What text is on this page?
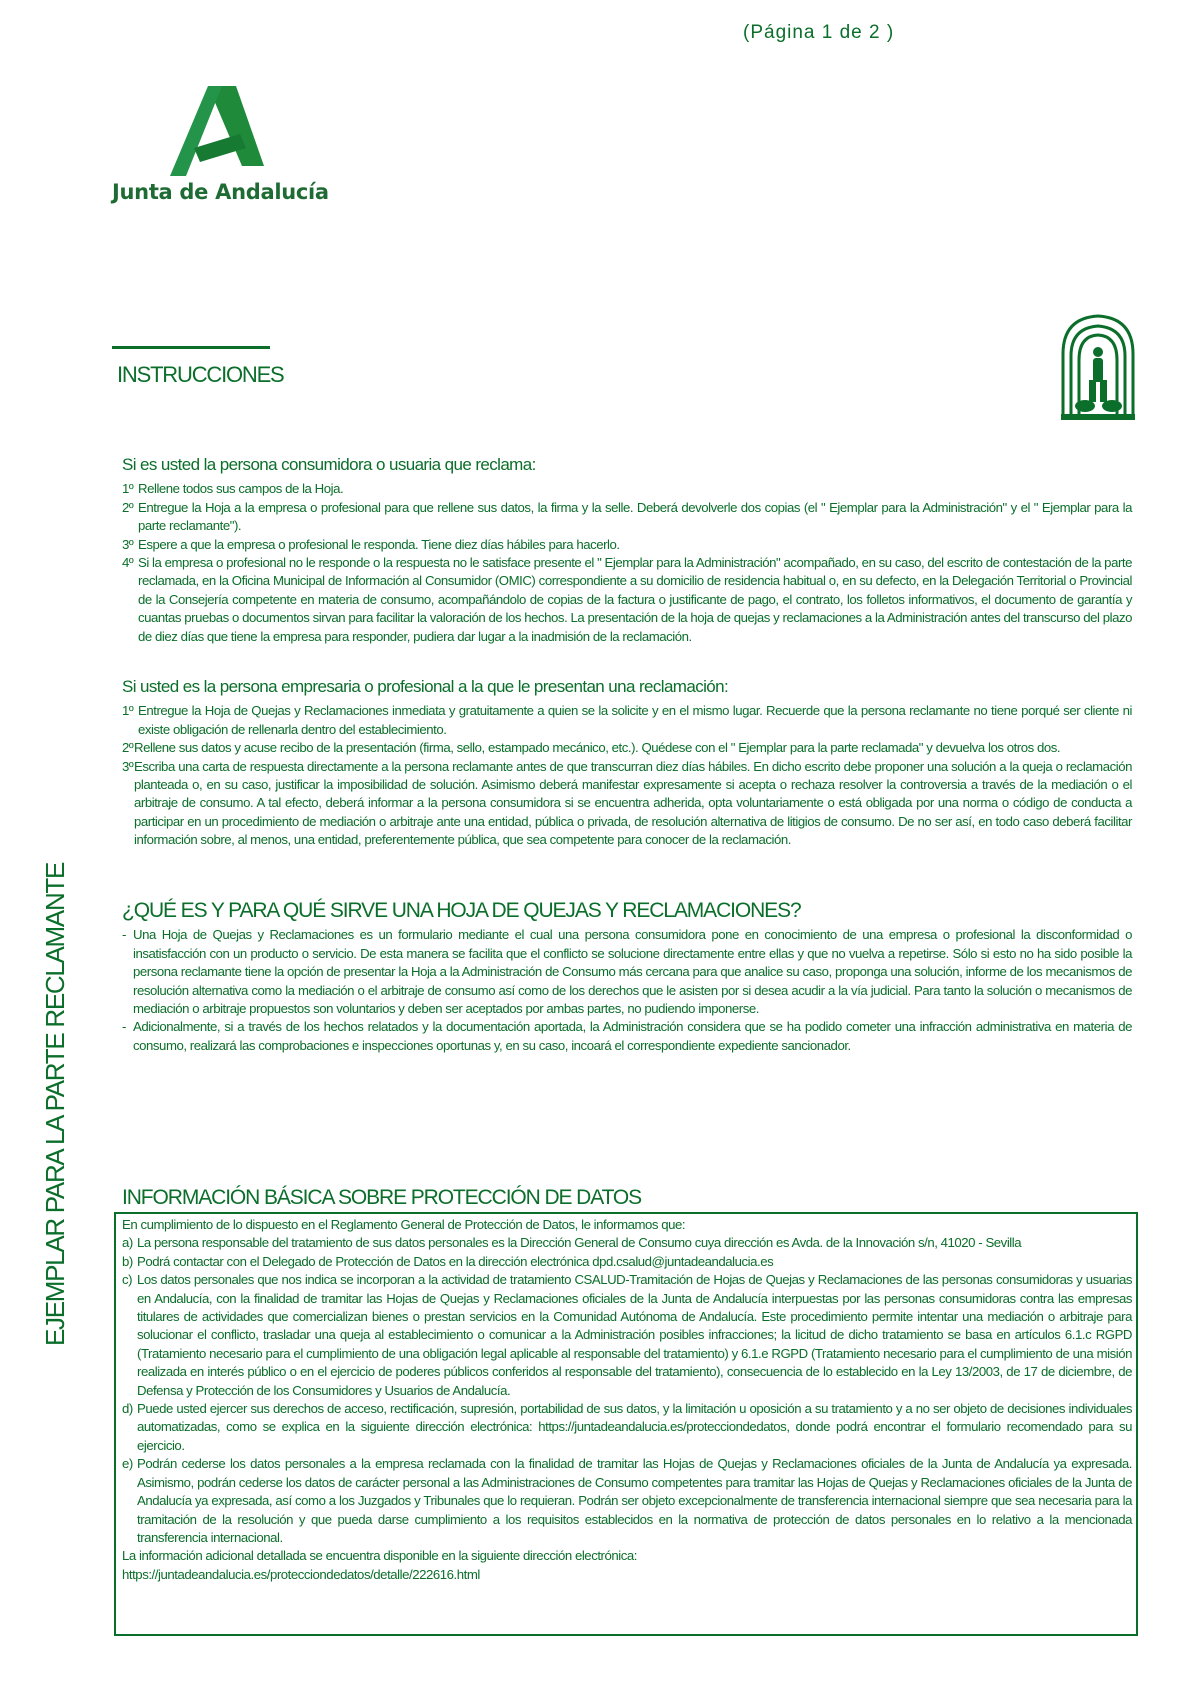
(Página 1 de 2 )
Junta de Andalucía
INSTRUCCIONES
EJEMPLAR PARA LA PARTE RECLAMANTE
Si es usted la persona consumidora o usuaria que reclama:
1º Rellene todos sus campos de la Hoja.
2º Entregue la Hoja a la empresa o profesional para que rellene sus datos, la firma y la selle. Deberá devolverle dos copias (el " Ejemplar para la Administración" y el " Ejemplar para la parte reclamante").
3º Espere a que la empresa o profesional le responda. Tiene diez días hábiles para hacerlo.
4º Si la empresa o profesional no le responde o la respuesta no le satisface presente el " Ejemplar para la Administración" acompañado, en su caso, del escrito de contestación de la parte reclamada, en la Oficina Municipal de Información al Consumidor (OMIC) correspondiente a su domicilio de residencia habitual o, en su defecto, en la Delegación Territorial o Provincial de la Consejería competente en materia de consumo, acompañándolo de copias de la factura o justificante de pago, el contrato, los folletos informativos, el documento de garantía y cuantas pruebas o documentos sirvan para facilitar la valoración de los hechos. La presentación de la hoja de quejas y reclamaciones a la Administración antes del transcurso del plazo de diez días que tiene la empresa para responder, pudiera dar lugar a la inadmisión de la reclamación.
Si usted es la persona empresaria o profesional a la que le presentan una reclamación:
1º Entregue la Hoja de Quejas y Reclamaciones inmediata y gratuitamente a quien se la solicite y en el mismo lugar. Recuerde que la persona reclamante no tiene porqué ser cliente ni existe obligación de rellenarla dentro del establecimiento.
2º Rellene sus datos y acuse recibo de la presentación (firma, sello, estampado mecánico, etc.). Quédese con el " Ejemplar para la parte reclamada" y devuelva los otros dos.
3º Escriba una carta de respuesta directamente a la persona reclamante antes de que transcurran diez días hábiles. En dicho escrito debe proponer una solución a la queja o reclamación planteada o, en su caso, justificar la imposibilidad de solución. Asimismo deberá manifestar expresamente si acepta o rechaza resolver la controversia a través de la mediación o el arbitraje de consumo. A tal efecto, deberá informar a la persona consumidora si se encuentra adherida, opta voluntariamente o está obligada por una norma o código de conducta a participar en un procedimiento de mediación o arbitraje ante una entidad, pública o privada, de resolución alternativa de litigios de consumo. De no ser así, en todo caso deberá facilitar información sobre, al menos, una entidad, preferentemente pública, que sea competente para conocer de la reclamación.
¿QUÉ ES Y PARA QUÉ SIRVE UNA HOJA DE QUEJAS Y RECLAMACIONES?
- Una Hoja de Quejas y Reclamaciones es un formulario mediante el cual una persona consumidora pone en conocimiento de una empresa o profesional la disconformidad o insatisfacción con un producto o servicio. De esta manera se facilita que el conflicto se solucione directamente entre ellas y que no vuelva a repetirse. Sólo si esto no ha sido posible la persona reclamante tiene la opción de presentar la Hoja a la Administración de Consumo más cercana para que analice su caso, proponga una solución, informe de los mecanismos de resolución alternativa como la mediación o el arbitraje de consumo así como de los derechos que le asisten por si desea acudir a la vía judicial. Para tanto la solución o mecanismos de mediación o arbitraje propuestos son voluntarios y deben ser aceptados por ambas partes, no pudiendo imponerse.
- Adicionalmente, si a través de los hechos relatados y la documentación aportada, la Administración considera que se ha podido cometer una infracción administrativa en materia de consumo, realizará las comprobaciones e inspecciones oportunas y, en su caso, incoará el correspondiente expediente sancionador.
INFORMACIÓN BÁSICA SOBRE PROTECCIÓN DE DATOS
En cumplimiento de lo dispuesto en el Reglamento General de Protección de Datos, le informamos que:
a) La persona responsable del tratamiento de sus datos personales es la Dirección General de Consumo cuya dirección es Avda. de la Innovación s/n, 41020 - Sevilla
b) Podrá contactar con el Delegado de Protección de Datos en la dirección electrónica dpd.csalud@juntadeandalucia.es
c) Los datos personales que nos indica se incorporan a la actividad de tratamiento CSALUD-Tramitación de Hojas de Quejas y Reclamaciones de las personas consumidoras y usuarias en Andalucía, con la finalidad de tramitar las Hojas de Quejas y Reclamaciones oficiales de la Junta de Andalucía interpuestas por las personas consumidoras contra las empresas titulares de actividades que comercializan bienes o prestan servicios en la Comunidad Autónoma de Andalucía. Este procedimiento permite intentar una mediación o arbitraje para solucionar el conflicto, trasladar una queja al establecimiento o comunicar a la Administración posibles infracciones; la licitud de dicho tratamiento se basa en artículos 6.1.c RGPD (Tratamiento necesario para el cumplimiento de una obligación legal aplicable al responsable del tratamiento) y 6.1.e RGPD (Tratamiento necesario para el cumplimiento de una misión realizada en interés público o en el ejercicio de poderes públicos conferidos al responsable del tratamiento), consecuencia de lo establecido en la Ley 13/2003, de 17 de diciembre, de Defensa y Protección de los Consumidores y Usuarios de Andalucía.
d) Puede usted ejercer sus derechos de acceso, rectificación, supresión, portabilidad de sus datos, y la limitación u oposición a su tratamiento y a no ser objeto de decisiones individuales automatizadas, como se explica en la siguiente dirección electrónica: https://juntadeandalucia.es/protecciondedatos, donde podrá encontrar el formulario recomendado para su ejercicio.
e) Podrán cederse los datos personales a la empresa reclamada con la finalidad de tramitar las Hojas de Quejas y Reclamaciones oficiales de la Junta de Andalucía ya expresada. Asimismo, podrán cederse los datos de carácter personal a las Administraciones de Consumo competentes para tramitar las Hojas de Quejas y Reclamaciones oficiales de la Junta de Andalucía ya expresada, así como a los Juzgados y Tribunales que lo requieran. Podrán ser objeto excepcionalmente de transferencia internacional siempre que sea necesaria para la tramitación de la resolución y que pueda darse cumplimiento a los requisitos establecidos en la normativa de protección de datos personales en lo relativo a la mencionada transferencia internacional.
La información adicional detallada se encuentra disponible en la siguiente dirección electrónica:
https://juntadeandalucia.es/protecciondedatos/detalle/222616.html
